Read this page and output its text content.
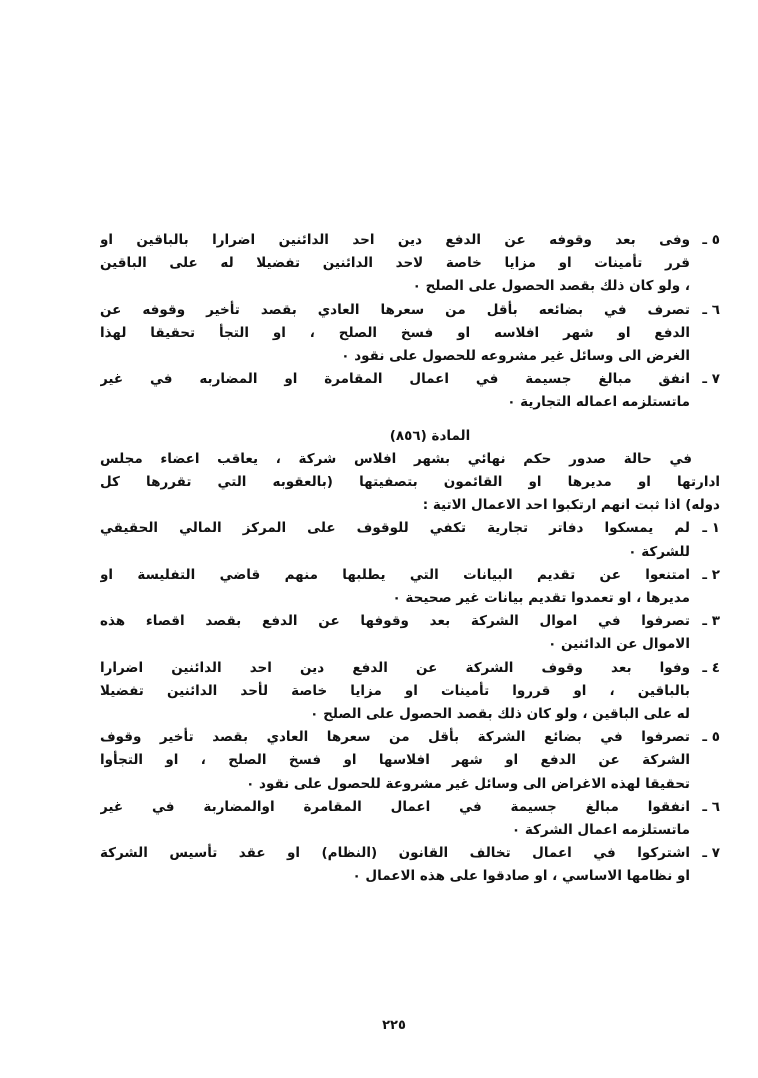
٥ ـ
وفى بعد وقوفه عن الدفع دين احد الدائنين اضرارا بالباقين او
قرر تأمينات او مزايا خاصة لاحد الدائنين تفضيلا له على الباقين
، ولو كان ذلك بقصد الحصول على الصلح ٠
٦ ـ
تصرف في بضائعه بأقل من سعرها العادي بقصد تأخير وقوفه عن
الدفع او شهر افلاسه او فسخ الصلح ، او التجأ تحقيقا لهذا
الغرض الى وسائل غير مشروعه للحصول على نقود ٠
٧ ـ
انفق مبالغ جسيمة في اعمال المقامرة او المضاربه في غير
ماتستلزمه اعماله التجارية ٠
المادة (٨٥٦)
في حالة صدور حكم نهائي بشهر افلاس شركة ، يعاقب اعضاء مجلس
ادارتها او مديرها او القائمون بتصفيتها (بالعقوبه التي تقررها كل
دوله) اذا ثبت انهم ارتكبوا احد الاعمال الاتية :
١ ـ
لم يمسكوا دفاتر تجارية تكفي للوقوف على المركز المالي الحقيقي
للشركة ٠
٢ ـ
امتنعوا عن تقديم البيانات التي يطلبها منهم قاضي التفليسة او
مديرها ، او تعمدوا تقديم بيانات غير صحيحة ٠
٣ ـ
تصرفوا في اموال الشركة بعد وقوفها عن الدفع بقصد اقصاء هذه
الاموال عن الدائنين ٠
٤ ـ
وفوا بعد وقوف الشركة عن الدفع دين احد الدائنين اضرارا
بالباقين ، او قرروا تأمينات او مزايا خاصة لأحد الدائنين تفضيلا
له على الباقين ، ولو كان ذلك بقصد الحصول على الصلح ٠
٥ ـ
تصرفوا في بضائع الشركة بأقل من سعرها العادي بقصد تأخير وقوف
الشركة عن الدفع او شهر افلاسها او فسخ الصلح ، او التجأوا
تحقيقا لهذه الاغراض الى وسائل غير مشروعة للحصول على نقود ٠
٦ ـ
انفقوا مبالغ جسيمة في اعمال المقامرة اوالمضاربة في غير
ماتستلزمه اعمال الشركة ٠
٧ ـ
اشتركوا في اعمال تخالف القانون (النظام) او عقد تأسيس الشركة
او نظامها الاساسي ، او صادقوا على هذه الاعمال ٠
٢٢٥
